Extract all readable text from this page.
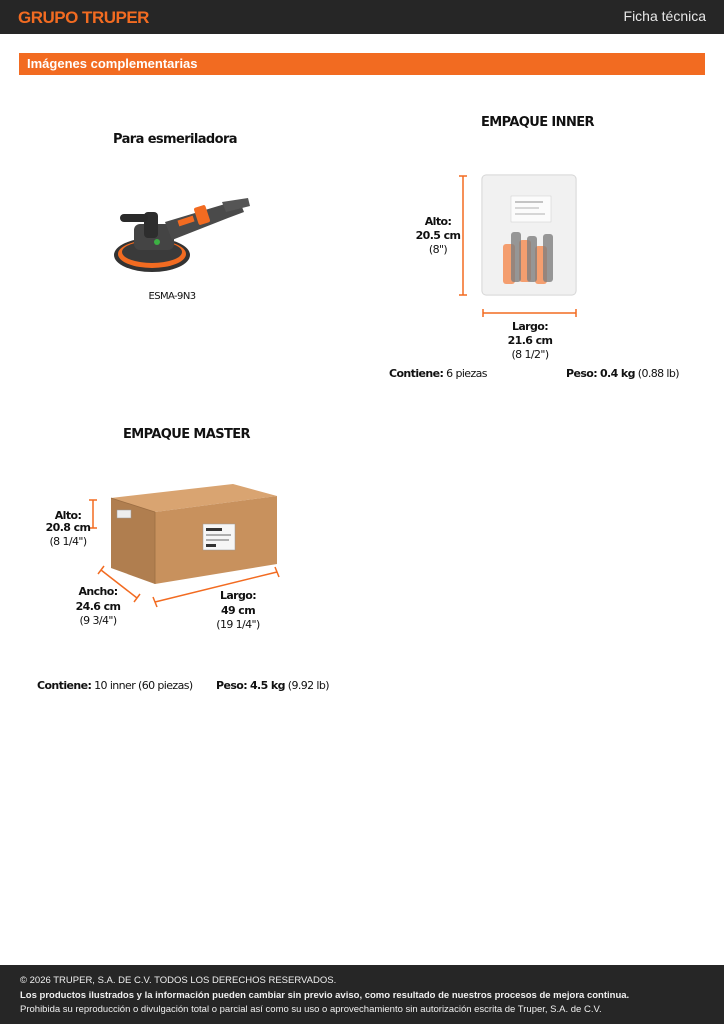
GRUPO TRUPER	Ficha técnica
Imágenes complementarias
Para esmeriladora
ESMA-9N3
EMPAQUE INNER
Alto:
20.5 cm
(8")
Largo:
21.6 cm
(8 1/2")
Contiene: 6 piezas	Peso: 0.4 kg (0.88 lb)
EMPAQUE MASTER
Alto:
20.8 cm
(8 1/4")
Ancho:
24.6 cm
(9 3/4")
Largo:
49 cm
(19 1/4")
Contiene: 10 inner (60 piezas) Peso: 4.5 kg (9.92 lb)
© 2026 TRUPER, S.A. DE C.V. TODOS LOS DERECHOS RESERVADOS.
Los productos ilustrados y la información pueden cambiar sin previo aviso, como resultado de nuestros procesos de mejora continua.
Prohibida su reproducción o divulgación total o parcial así como su uso o aprovechamiento sin autorización escrita de Truper, S.A. de C.V.
